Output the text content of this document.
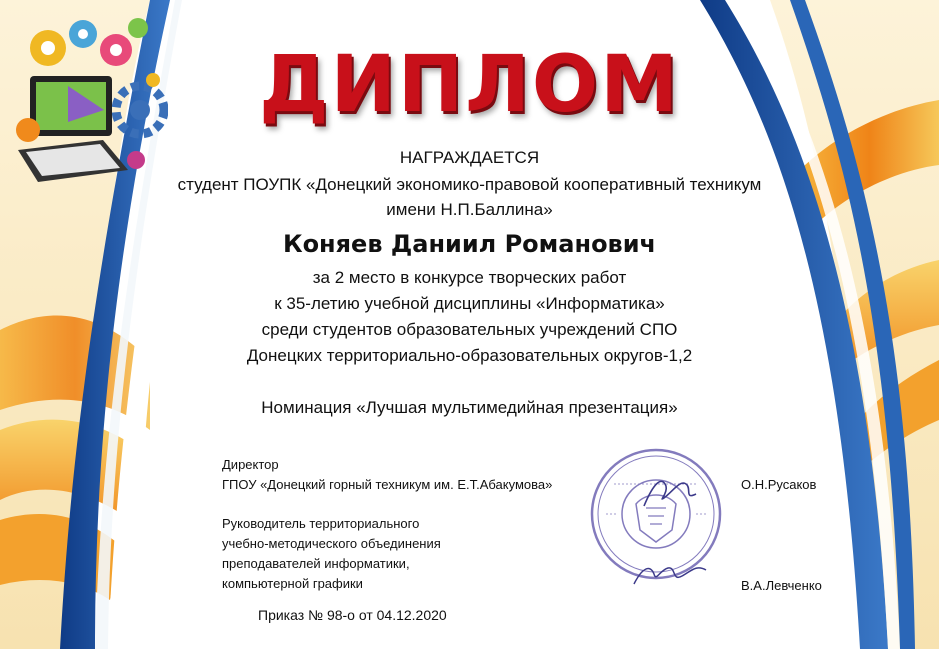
ДИПЛОМ
НАГРАЖДАЕТСЯ
студент ПОУПК «Донецкий экономико-правовой кооперативный техникум
имени Н.П.Баллина»
Коняев Даниил Романович
за 2 место в конкурсе творческих работ
к 35-летию учебной дисциплины «Информатика»
среди студентов образовательных учреждений СПО
Донецких территориально-образовательных округов-1,2
Номинация «Лучшая мультимедийная презентация»
Директор
ГПОУ «Донецкий горный техникум им. Е.Т.Абакумова»	О.Н.Русаков
Руководитель территориального
учебно-методического объединения
преподавателей информатики,
компьютерной графики	В.А.Левченко
Приказ № 98-о от 04.12.2020
